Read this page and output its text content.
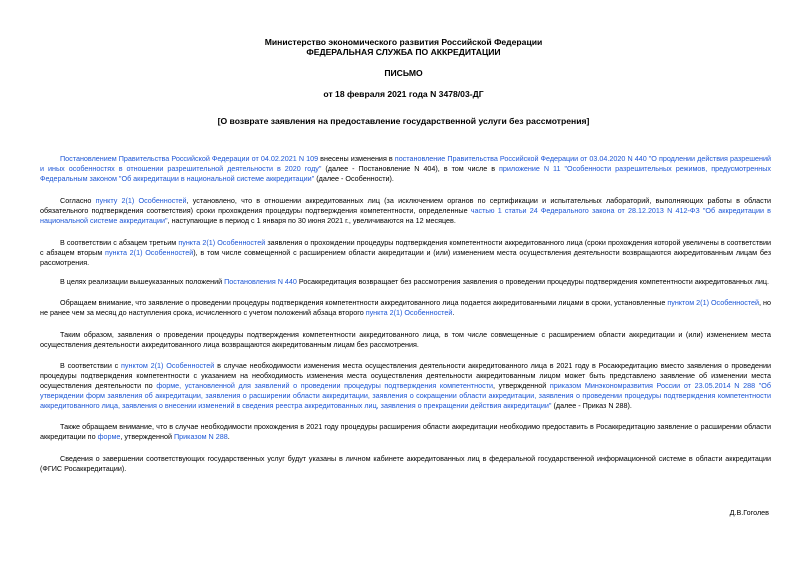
Министерство экономического развития Российской Федерации

ФЕДЕРАЛЬНАЯ СЛУЖБА ПО АККРЕДИТАЦИИ

ПИСЬМО

от 18 февраля 2021 года N 3478/03-ДГ

[О возврате заявления на предоставление государственной услуги без рассмотрения]

Постановлением Правительства Российской Федерации от 04.02.2021 N 109 внесены изменения в постановление Правительства Российской Федерации от 03.04.2020 N 440 "О продлении действия разрешений и иных особенностях в отношении разрешительной деятельности в 2020 году" (далее - Постановление N 404), в том числе в приложение N 11 "Особенности разрешительных режимов, предусмотренных Федеральным законом "Об аккредитации в национальной системе аккредитации" (далее - Особенности).

Согласно пункту 2(1) Особенностей, установлено, что в отношении аккредитованных лиц (за исключением органов по сертификации и испытательных лабораторий, выполняющих работы в области обязательного подтверждения соответствия) сроки прохождения процедуры подтверждения компетентности, определенные частью 1 статьи 24 Федерального закона от 28.12.2013 N 412-ФЗ "Об аккредитации в национальной системе аккредитации", наступающие в период с 1 января по 30 июня 2021 г., увеличиваются на 12 месяцев.

В соответствии с абзацем третьим пункта 2(1) Особенностей заявления о прохождении процедуры подтверждения компетентности аккредитованного лица (сроки прохождения которой увеличены в соответствии с абзацем вторым пункта 2(1) Особенностей), в том числе совмещенной с расширением области аккредитации и (или) изменением места осуществления деятельности возвращаются аккредитованным лицам без рассмотрения.

В целях реализации вышеуказанных положений Постановления N 440 Росаккредитация возвращает без рассмотрения заявления о проведении процедуры подтверждения компетентности аккредитованных лиц.

Обращаем внимание, что заявление о проведении процедуры подтверждения компетентности аккредитованного лица подается аккредитованными лицами в сроки, установленные пунктом 2(1) Особенностей, но не ранее чем за месяц до наступления срока, исчисленного с учетом положений абзаца второго пункта 2(1) Особенностей.

Таким образом, заявления о проведении процедуры подтверждения компетентности аккредитованного лица, в том числе совмещенные с расширением области аккредитации и (или) изменением места осуществления деятельности аккредитованного лица возвращаются аккредитованным лицам без рассмотрения.

В соответствии с пунктом 2(1) Особенностей в случае необходимости изменения места осуществления деятельности аккредитованного лица в 2021 году в Росаккредитацию вместо заявления о проведении процедуры подтверждения компетентности с указанием на необходимость изменения места осуществления деятельности аккредитованным лицом может быть представлено заявление об изменении места осуществления деятельности по форме, установленной для заявлений о проведении процедуры подтверждения компетентности, утвержденной приказом Минэкономразвития России от 23.05.2014 N 288 "Об утверждении форм заявления об аккредитации, заявления о расширении области аккредитации, заявления о сокращении области аккредитации, заявления о проведении процедуры подтверждения компетентности аккредитованного лица, заявления о внесении изменений в сведения реестра аккредитованных лиц, заявления о прекращении действия аккредитации" (далее - Приказ N 288).

Также обращаем внимание, что в случае необходимости прохождения в 2021 году процедуры расширения области аккредитации необходимо предоставить в Росаккредитацию заявление о расширении области аккредитации по форме, утвержденной Приказом N 288.

Сведения о завершении соответствующих государственных услуг будут указаны в личном кабинете аккредитованных лиц в федеральной государственной информационной системе в области аккредитации (ФГИС Росаккредитации).

Д.В.Гоголев
